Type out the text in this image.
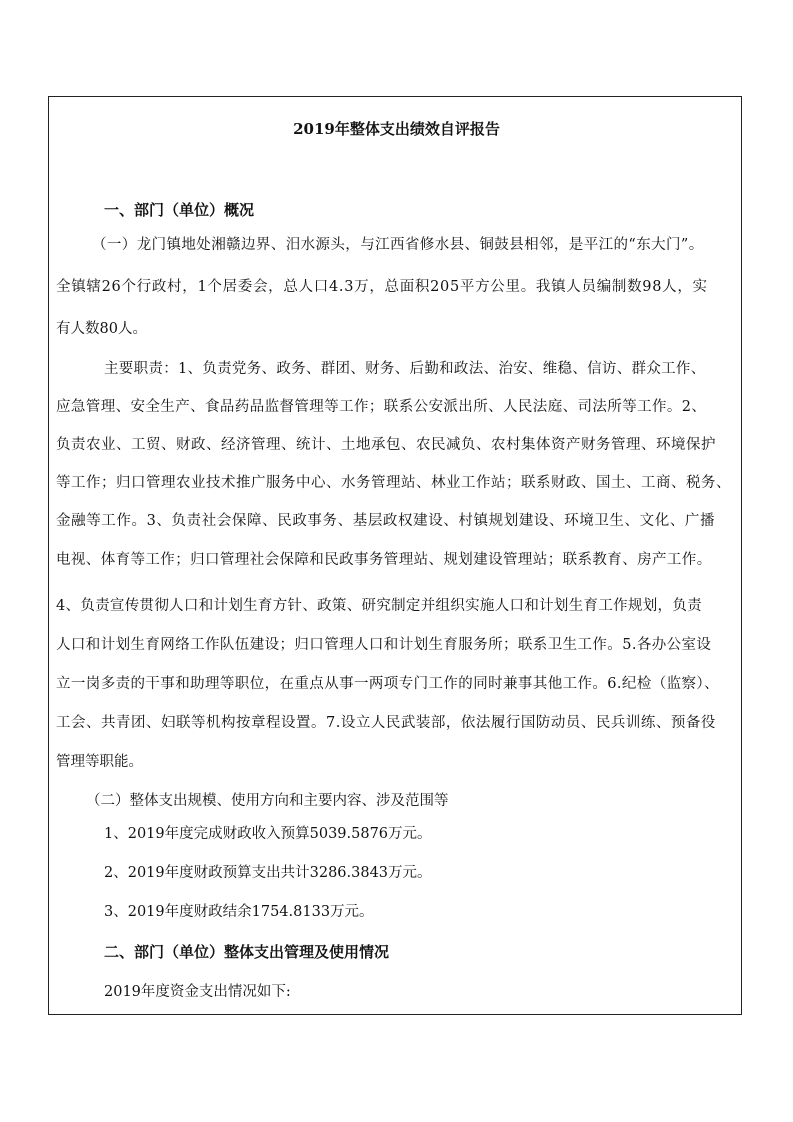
2019年整体支出绩效自评报告
一、部门（单位）概况
（一）龙门镇地处湘赣边界、汨水源头，与江西省修水县、铜鼓县相邻，是平江的“东大门”。
全镇辖26个行政村，1个居委会，总人口4.3万，总面积205平方公里。我镇人员编制数98人，实
有人数80人。
主要职责：1、负责党务、政务、群团、财务、后勤和政法、治安、维稳、信访、群众工作、
应急管理、安全生产、食品药品监督管理等工作；联系公安派出所、人民法庭、司法所等工作。2、
负责农业、工贸、财政、经济管理、统计、土地承包、农民减负、农村集体资产财务管理、环境保护
等工作；归口管理农业技术推广服务中心、水务管理站、林业工作站；联系财政、国土、工商、税务、
金融等工作。3、负责社会保障、民政事务、基层政权建设、村镇规划建设、环境卫生、文化、广播
电视、体育等工作；归口管理社会保障和民政事务管理站、规划建设管理站；联系教育、房产工作。
4、负责宣传贯彻人口和计划生育方针、政策、研究制定并组织实施人口和计划生育工作规划，负责
人口和计划生育网络工作队伍建设；归口管理人口和计划生育服务所；联系卫生工作。5.各办公室设
立一岗多责的干事和助理等职位，在重点从事一两项专门工作的同时兼事其他工作。6.纪检（监察）、
工会、共青团、妇联等机构按章程设置。7.设立人民武装部，依法履行国防动员、民兵训练、预备役
管理等职能。
（二）整体支出规模、使用方向和主要内容、涉及范围等
1、2019年度完成财政收入预算5039.5876万元。
2、2019年度财政预算支出共计3286.3843万元。
3、2019年度财政结余1754.8133万元。
二、部门（单位）整体支出管理及使用情况
2019年度资金支出情况如下:
